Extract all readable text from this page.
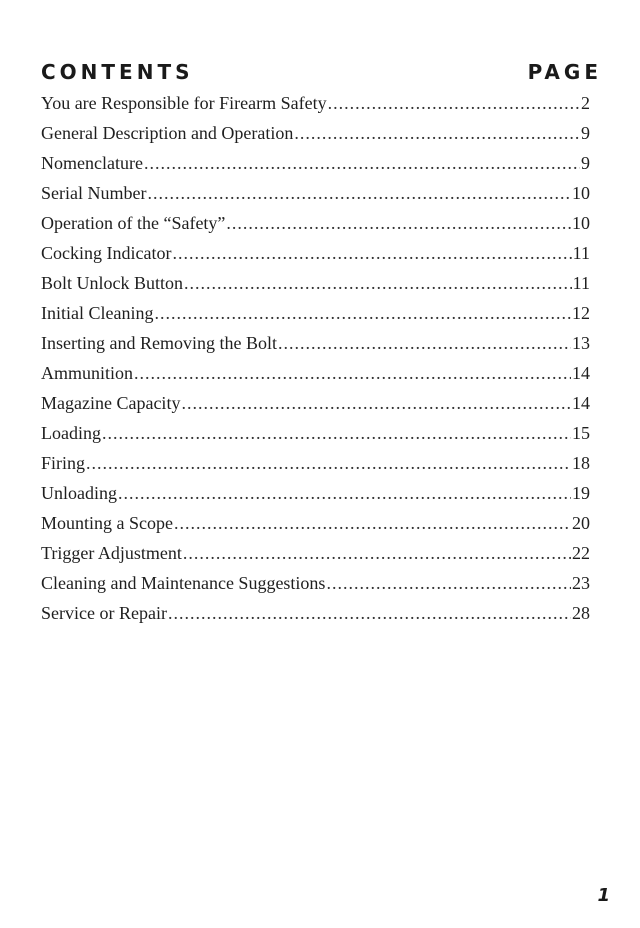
CONTENTS	PAGE
You are Responsible for Firearm Safety .....	2
General Description and Operation .....	9
Nomenclature .....	9
Serial Number .....	10
Operation of the “Safety” .....	10
Cocking Indicator .....	11
Bolt Unlock Button .....	11
Initial Cleaning .....	12
Inserting and Removing the Bolt .....	13
Ammunition .....	14
Magazine Capacity .....	14
Loading .....	15
Firing .....	18
Unloading .....	19
Mounting a Scope .....	20
Trigger Adjustment .....	22
Cleaning and Maintenance Suggestions .....	23
Service or Repair .....	28
1
